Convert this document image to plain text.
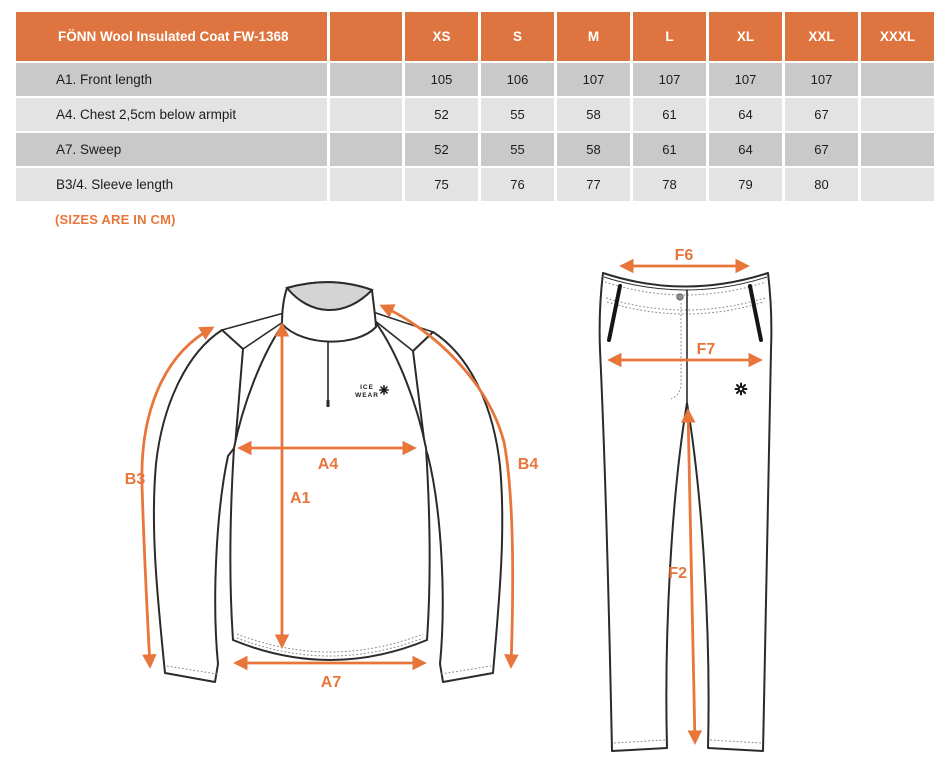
FÖNN Wool Insulated Coat FW-1368		XS	S	M	L	XL	XXL	XXXL
A1. Front length		105	106	107	107	107	107	
A4. Chest 2,5cm below armpit		52	55	58	61	64	67	
A7. Sweep		52	55	58	61	64	67	
B3/4. Sleeve length		75	76	77	78	79	80	
(SIZES ARE IN CM)
ICE
WEAR
B3
B4
A4
A1
A7
F6
F7
F2
